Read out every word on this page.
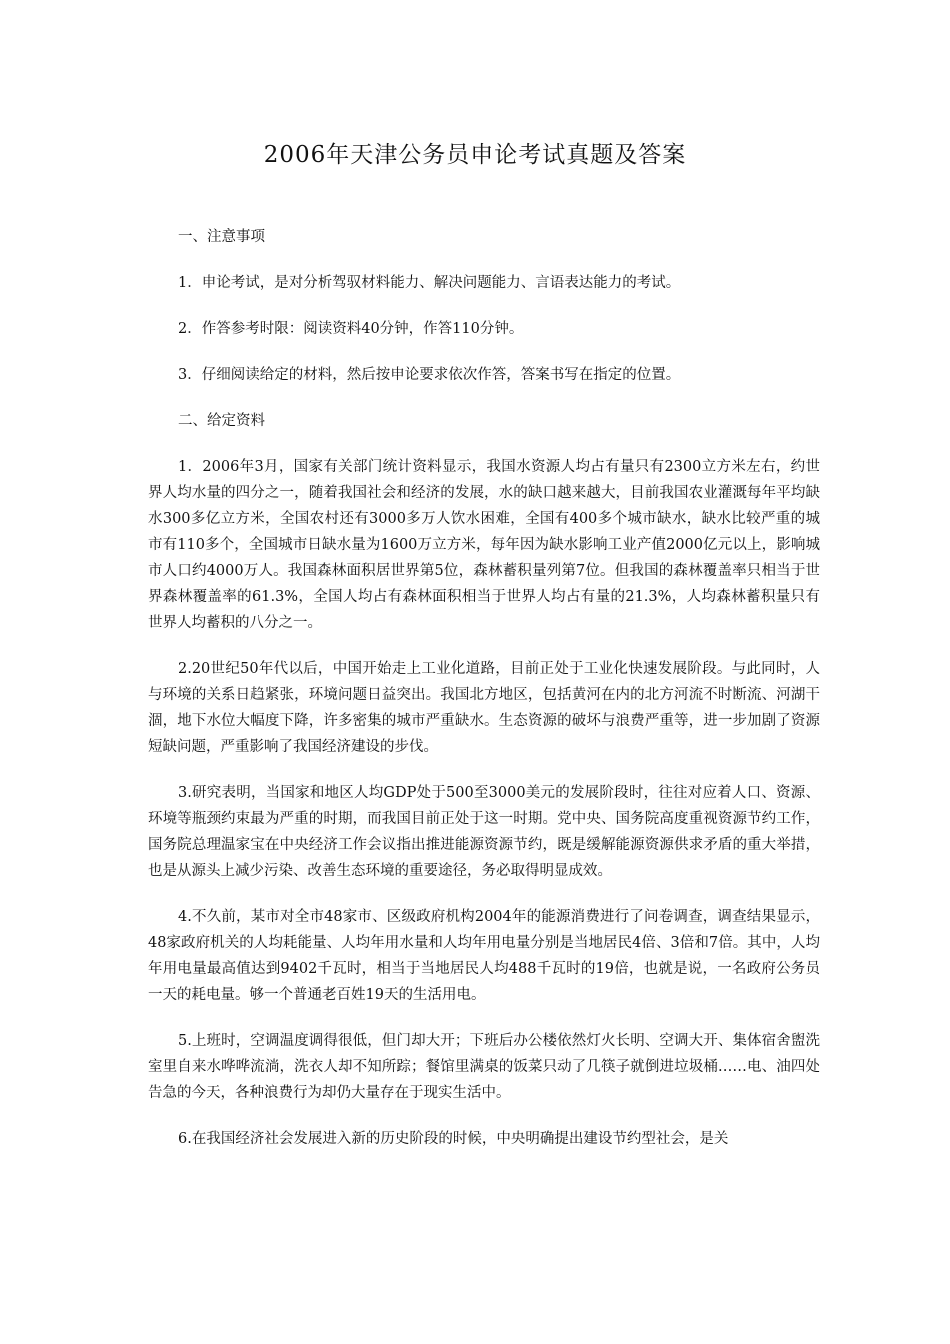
2006年天津公务员申论考试真题及答案

一、注意事项

1．申论考试，是对分析驾驭材料能力、解决问题能力、言语表达能力的考试。

2．作答参考时限：阅读资料40分钟，作答110分钟。

3．仔细阅读给定的材料，然后按申论要求依次作答，答案书写在指定的位置。

二、给定资料

1．2006年3月，国家有关部门统计资料显示，我国水资源人均占有量只有2300立方米左右，约世界人均水量的四分之一，随着我国社会和经济的发展，水的缺口越来越大，目前我国农业灌溉每年平均缺水300多亿立方米，全国农村还有3000多万人饮水困难，全国有400多个城市缺水，缺水比较严重的城市有110多个，全国城市日缺水量为1600万立方米，每年因为缺水影响工业产值2000亿元以上，影响城市人口约4000万人。我国森林面积居世界第5位，森林蓄积量列第7位。但我国的森林覆盖率只相当于世界森林覆盖率的61.3%，全国人均占有森林面积相当于世界人均占有量的21.3%，人均森林蓄积量只有世界人均蓄积的八分之一。

2.20世纪50年代以后，中国开始走上工业化道路，目前正处于工业化快速发展阶段。与此同时，人与环境的关系日趋紧张，环境问题日益突出。我国北方地区，包括黄河在内的北方河流不时断流、河湖干涸，地下水位大幅度下降，许多密集的城市严重缺水。生态资源的破坏与浪费严重等，进一步加剧了资源短缺问题，严重影响了我国经济建设的步伐。

3.研究表明，当国家和地区人均GDP处于500至3000美元的发展阶段时，往往对应着人口、资源、环境等瓶颈约束最为严重的时期，而我国目前正处于这一时期。党中央、国务院高度重视资源节约工作，国务院总理温家宝在中央经济工作会议指出推进能源资源节约，既是缓解能源资源供求矛盾的重大举措，也是从源头上减少污染、改善生态环境的重要途径，务必取得明显成效。

4.不久前，某市对全市48家市、区级政府机构2004年的能源消费进行了问卷调查，调查结果显示，48家政府机关的人均耗能量、人均年用水量和人均年用电量分别是当地居民4倍、3倍和7倍。其中，人均年用电量最高值达到9402千瓦时，相当于当地居民人均488千瓦时的19倍，也就是说，一名政府公务员一天的耗电量。够一个普通老百姓19天的生活用电。

5.上班时，空调温度调得很低，但门却大开；下班后办公楼依然灯火长明、空调大开、集体宿舍盥洗室里自来水哗哗流淌，洗衣人却不知所踪；餐馆里满桌的饭菜只动了几筷子就倒进垃圾桶……电、油四处告急的今天，各种浪费行为却仍大量存在于现实生活中。

6.在我国经济社会发展进入新的历史阶段的时候，中央明确提出建设节约型社会，是关
